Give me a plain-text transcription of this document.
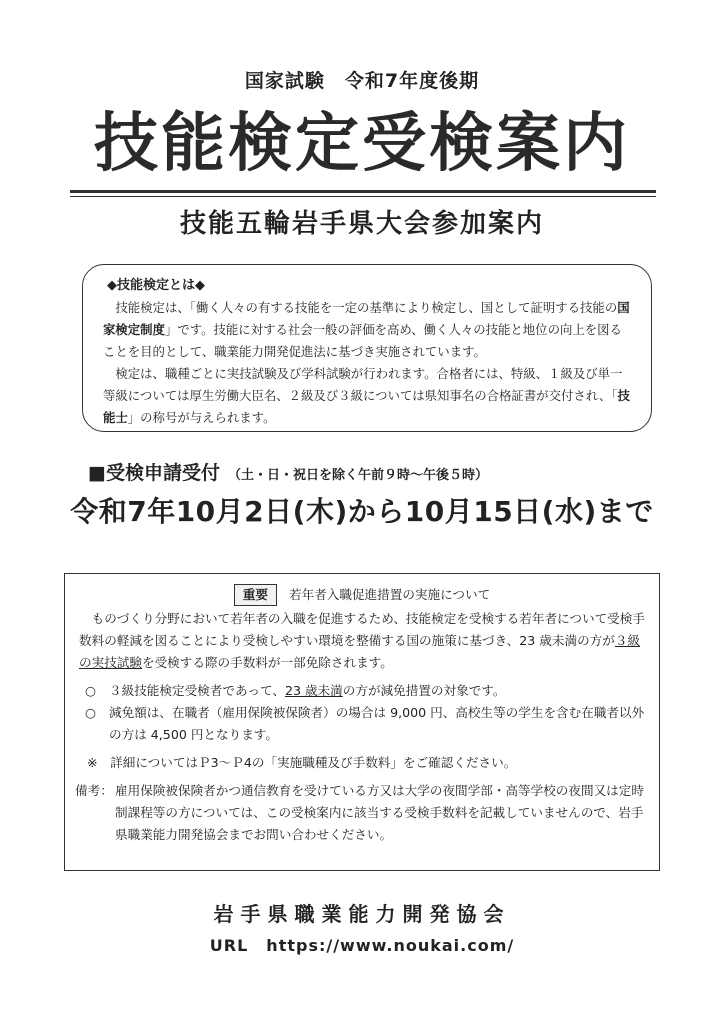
国家試験　令和7年度後期
技能検定受検案内
技能五輪岩手県大会参加案内
◆技能検定とは◆

技能検定は、「働く人々の有する技能を一定の基準により検定し、国として証明する技能の国家検定制度」です。技能に対する社会一般の評価を高め、働く人々の技能と地位の向上を図ることを目的として、職業能力開発促進法に基づき実施されています。

検定は、職種ごとに実技試験及び学科試験が行われます。合格者には、特級、１級及び単一等級については厚生労働大臣名、２級及び３級については県知事名の合格証書が交付され、「技能士」の称号が与えられます。

■受検申請受付 （土・日・祝日を除く午前９時～午後５時）
令和7年10月2日(木)から10月15日(水)まで
重要 若年者入職促進措置の実施について

ものづくり分野において若年者の入職を促進するため、技能検定を受検する若年者について受検手数料の軽減を図ることにより受検しやすい環境を整備する国の施策に基づき、23 歳未満の方が３級の実技試験を受検する際の手数料が一部免除されます。

○	３級技能検定受検者であって、23 歳未満の方が減免措置の対象です。
○	減免額は、在職者（雇用保険被保険者）の場合は 9,000 円、高校生等の学生を含む在職者以外の方は 4,500 円となります。
※　詳細についてはＰ3～Ｐ4の「実施職種及び手数料」をご確認ください。
備考： 雇用保険被保険者かつ通信教育を受けている方又は大学の夜間学部・高等学校の夜間又は定時制課程等の方については、この受検案内に該当する受検手数料を記載していませんので、岩手県職業能力開発協会までお問い合わせください。
岩手県職業能力開発協会
URL https://www.noukai.com/
